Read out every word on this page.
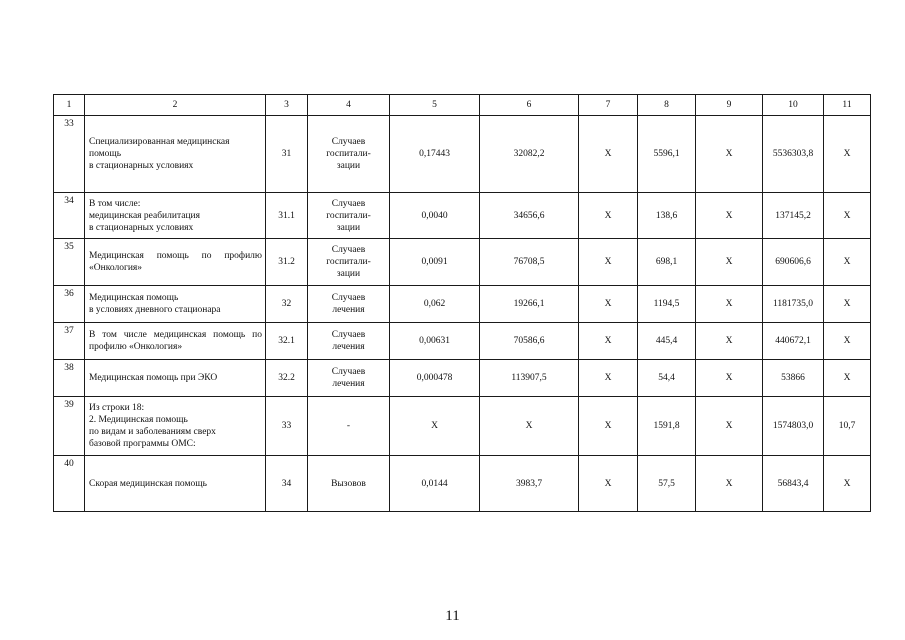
1	2	3	4	5	6	7	8	9	10	11
33	Специализированная медицинская
помощь
в стационарных условиях	31	Случаев
госпитали-
зации	0,17443	32082,2	Х	5596,1	Х	5536303,8	Х
34	В том числе:
медицинская реабилитация
в стационарных условиях	31.1	Случаев
госпитали-
зации	0,0040	34656,6	Х	138,6	Х	137145,2	Х
35	Медицинская помощь по профилю «Онкология»	31.2	Случаев
госпитали-
зации	0,0091	76708,5	Х	698,1	Х	690606,6	Х
36	Медицинская помощь
в условиях дневного стационара	32	Случаев
лечения	0,062	19266,1	Х	1194,5	Х	1181735,0	Х
37	В том числе медицинская помощь по профилю «Онкология»	32.1	Случаев
лечения	0,00631	70586,6	Х	445,4	Х	440672,1	Х
38	Медицинская помощь при ЭКО	32.2	Случаев
лечения	0,000478	113907,5	Х	54,4	Х	53866	Х
39	Из строки 18:
2. Медицинская помощь
по видам и заболеваниям сверх
базовой программы ОМС:	33	-	Х	Х	Х	1591,8	Х	1574803,0	10,7
40	Скорая медицинская помощь	34	Вызовов	0,0144	3983,7	Х	57,5	Х	56843,4	Х
11
